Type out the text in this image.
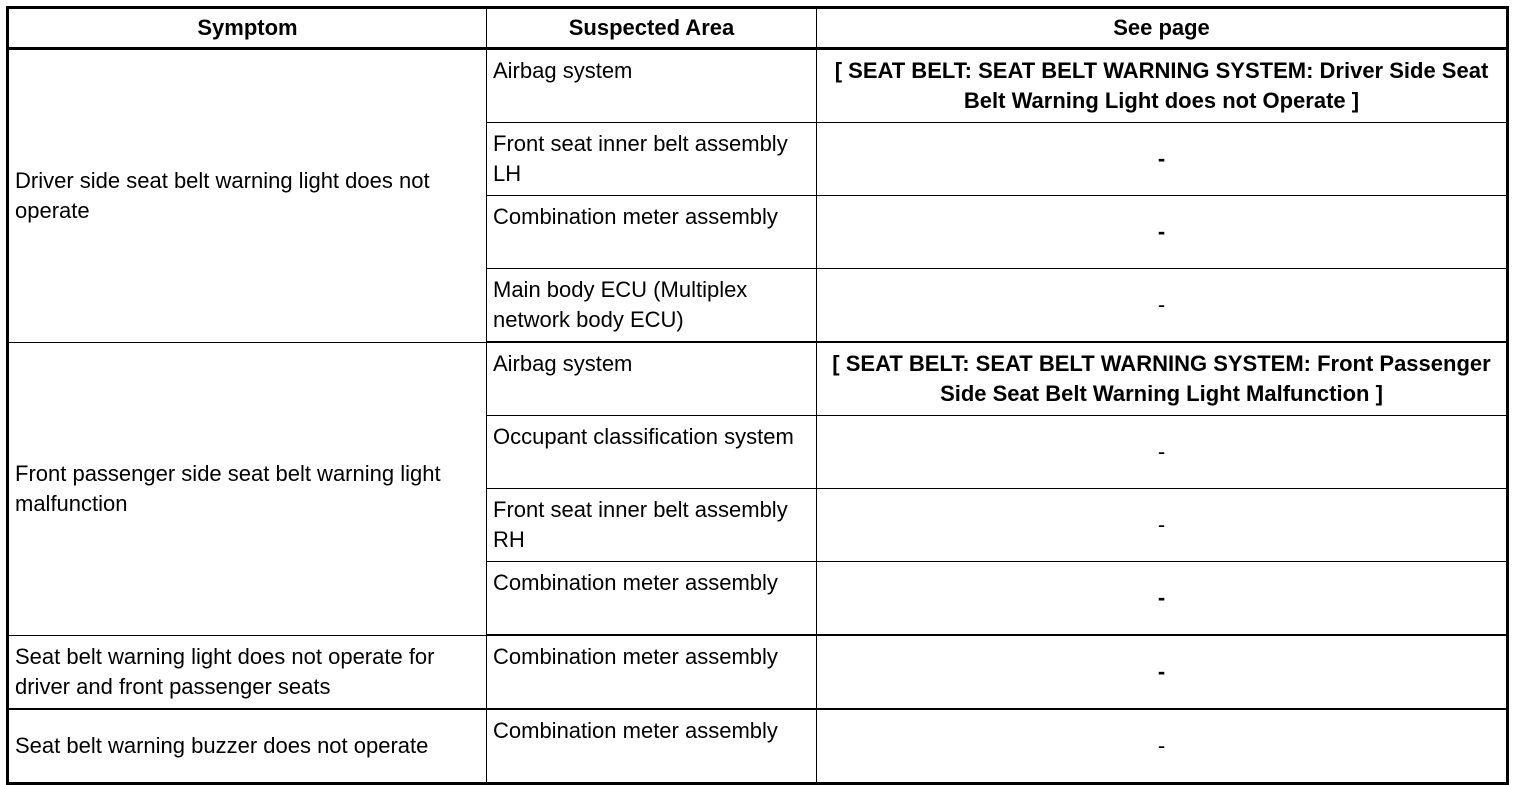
Symptom	Suspected Area	See page
Driver side seat belt warning light does not operate	Airbag system	[ SEAT BELT: SEAT BELT WARNING SYSTEM: Driver Side Seat Belt Warning Light does not Operate ]
	Front seat inner belt assembly LH	-
	Combination meter assembly	-
	Main body ECU (Multiplex network body ECU)	-
Front passenger side seat belt warning light malfunction	Airbag system	[ SEAT BELT: SEAT BELT WARNING SYSTEM: Front Passenger Side Seat Belt Warning Light Malfunction ]
	Occupant classification system	-
	Front seat inner belt assembly RH	-
	Combination meter assembly	-
Seat belt warning light does not operate for driver and front passenger seats	Combination meter assembly	-
Seat belt warning buzzer does not operate	Combination meter assembly	-
